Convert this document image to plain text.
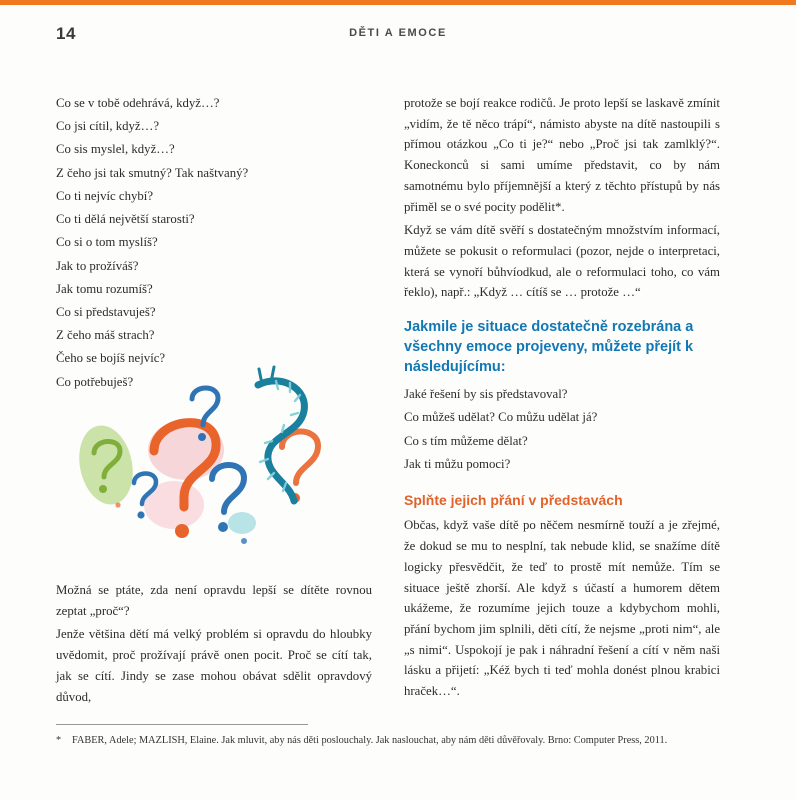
14	DĚTI A EMOCE

Co se v tobě odehrává, když…?

Co jsi cítil, když…?

Co sis myslel, když…?

Z čeho jsi tak smutný? Tak naštvaný?

Co ti nejvíc chybí?

Co ti dělá největší starosti?

Co si o tom myslíš?

Jak to prožíváš?

Jak tomu rozumíš?

Co si představuješ?

Z čeho máš strach?

Čeho se bojíš nejvíc?

Co potřebuješ?

Možná se ptáte, zda není opravdu lepší se dítěte rovnou zeptat „proč“?

Jenže většina dětí má velký problém si opravdu do hloubky uvědomit, proč prožívají právě onen pocit. Proč se cítí tak, jak se cítí. Jindy se zase mohou obávat sdělit opravdový důvod,

protože se bojí reakce rodičů. Je proto lepší se laskavě zmínit „vidím, že tě něco trápí“, námisto abyste na dítě nastoupili s přímou otázkou „Co ti je?“ nebo „Proč jsi tak zamlklý?“. Koneckonců si sami umíme představit, co by nám samotnému bylo příjemnější a který z těchto přístupů by nás přiměl se o své pocity podělit*.

Když se vám dítě svěří s dostatečným množstvím informací, můžete se pokusit o reformulaci (pozor, nejde o interpretaci, která se vynoří bůhvíodkud, ale o reformulaci toho, co vám řeklo), např.: „Když … cítíš se … protože …“

Jakmile je situace dostatečně rozebrána a všechny emoce projeveny, můžete přejít k následujícímu:

Jaké řešení by sis představoval?

Co můžeš udělat? Co můžu udělat já?

Co s tím můžeme dělat?

Jak ti můžu pomoci?

Splňte jejich přání v představách

Občas, když vaše dítě po něčem nesmírně touží a je zřejmé, že dokud se mu to nesplní, tak nebude klid, se snažíme dítě logicky přesvědčit, že teď to prostě mít nemůže. Tím se situace ještě zhorší. Ale když s účastí a humorem dětem ukážeme, že rozumíme jejich touze a kdybychom mohli, přání bychom jim splnili, děti cítí, že nejsme „proti nim“, ale „s nimi“. Uspokojí je pak i náhradní řešení a cítí v něm naši lásku a přijetí: „Kéž bych ti teď mohla donést plnou krabici hraček…“.

*	FABER, Adele; MAZLISH, Elaine. Jak mluvit, aby nás děti poslouchaly. Jak naslouchat, aby nám děti důvěřovaly. Brno: Computer Press, 2011.
